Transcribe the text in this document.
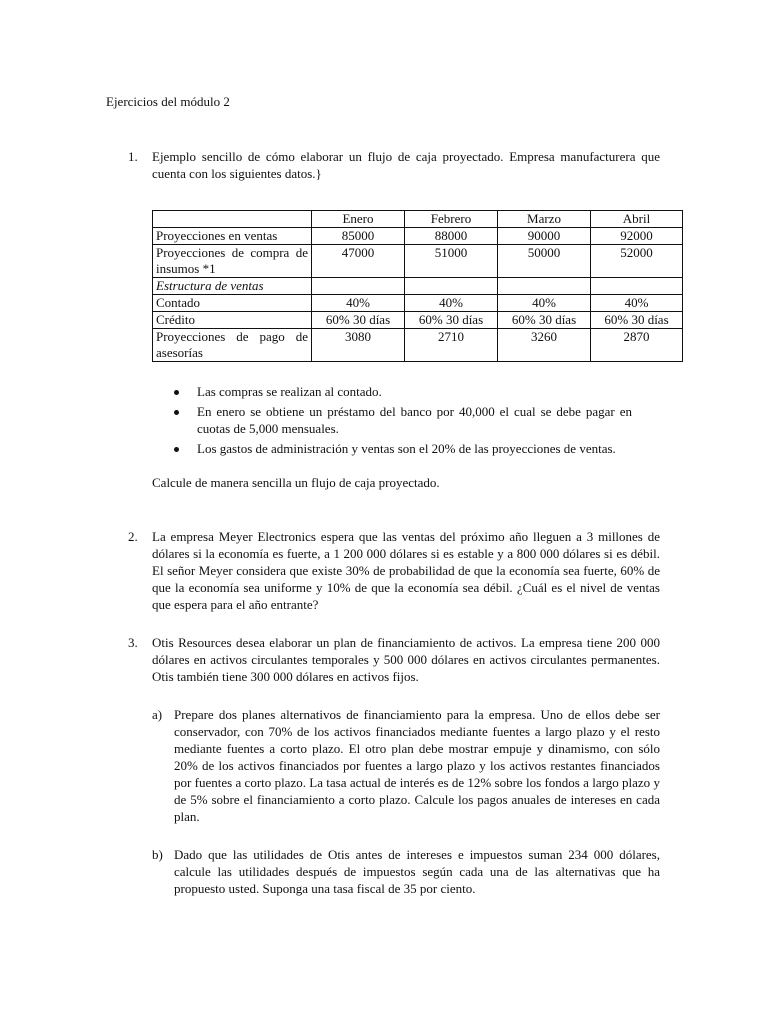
Ejercicios del módulo 2
1. Ejemplo sencillo de cómo elaborar un flujo de caja proyectado. Empresa manufacturera que cuenta con los siguientes datos.}
	Enero	Febrero	Marzo	Abril
Proyecciones en ventas	85000	88000	90000	92000
Proyecciones de compra de insumos *1	47000	51000	50000	52000
Estructura de ventas				
Contado	40%	40%	40%	40%
Crédito	60% 30 días	60% 30 días	60% 30 días	60% 30 días
Proyecciones de pago de asesorías	3080	2710	3260	2870
Las compras se realizan al contado.
En enero se obtiene un préstamo del banco por 40,000 el cual se debe pagar en cuotas de 5,000 mensuales.
Los gastos de administración y ventas son el 20% de las proyecciones de ventas.
Calcule de manera sencilla un flujo de caja proyectado.
2. La empresa Meyer Electronics espera que las ventas del próximo año lleguen a 3 millones de dólares si la economía es fuerte, a 1 200 000 dólares si es estable y a 800 000 dólares si es débil. El señor Meyer considera que existe 30% de probabilidad de que la economía sea fuerte, 60% de que la economía sea uniforme y 10% de que la economía sea débil. ¿Cuál es el nivel de ventas que espera para el año entrante?
3. Otis Resources desea elaborar un plan de financiamiento de activos. La empresa tiene 200 000 dólares en activos circulantes temporales y 500 000 dólares en activos circulantes permanentes. Otis también tiene 300 000 dólares en activos fijos.
a) Prepare dos planes alternativos de financiamiento para la empresa. Uno de ellos debe ser conservador, con 70% de los activos financiados mediante fuentes a largo plazo y el resto mediante fuentes a corto plazo. El otro plan debe mostrar empuje y dinamismo, con sólo 20% de los activos financiados por fuentes a largo plazo y los activos restantes financiados por fuentes a corto plazo. La tasa actual de interés es de 12% sobre los fondos a largo plazo y de 5% sobre el financiamiento a corto plazo. Calcule los pagos anuales de intereses en cada plan.
b) Dado que las utilidades de Otis antes de intereses e impuestos suman 234 000 dólares, calcule las utilidades después de impuestos según cada una de las alternativas que ha propuesto usted. Suponga una tasa fiscal de 35 por ciento.
